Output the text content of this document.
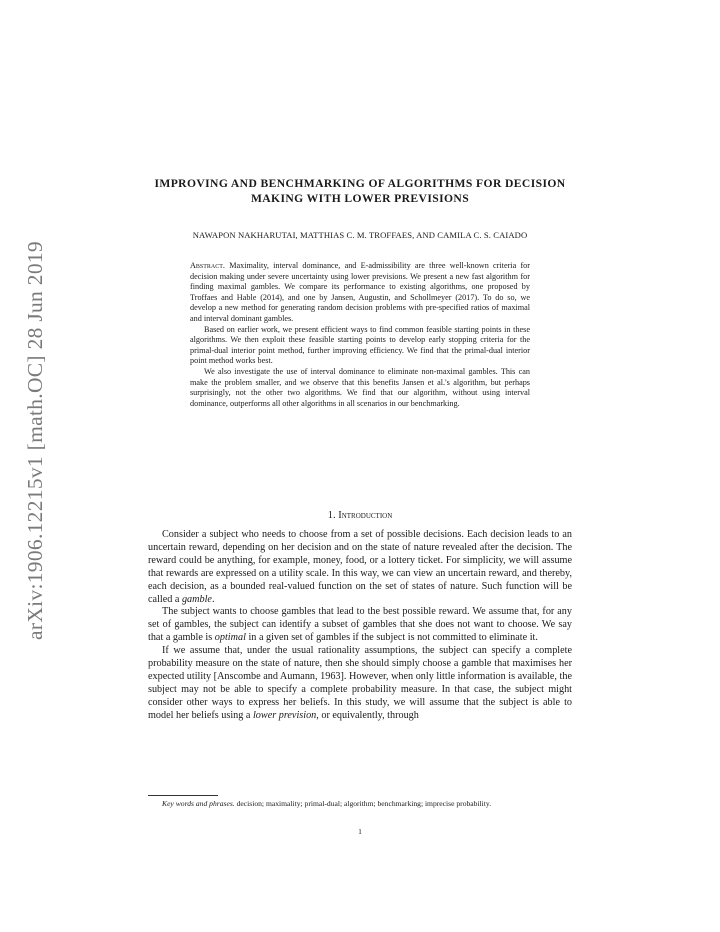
arXiv:1906.12215v1 [math.OC] 28 Jun 2019
IMPROVING AND BENCHMARKING OF ALGORITHMS FOR DECISION MAKING WITH LOWER PREVISIONS
NAWAPON NAKHARUTAI, MATTHIAS C. M. TROFFAES, AND CAMILA C. S. CAIADO

Abstract. Maximality, interval dominance, and E-admissibility are three well-known criteria for decision making under severe uncertainty using lower previsions. We present a new fast algorithm for finding maximal gambles. We compare its performance to existing algorithms, one proposed by Troffaes and Hable (2014), and one by Jansen, Augustin, and Schollmeyer (2017). To do so, we develop a new method for generating random decision problems with pre-specified ratios of maximal and interval dominant gambles.

Based on earlier work, we present efficient ways to find common feasible starting points in these algorithms. We then exploit these feasible starting points to develop early stopping criteria for the primal-dual interior point method, further improving efficiency. We find that the primal-dual interior point method works best.

We also investigate the use of interval dominance to eliminate non-maximal gambles. This can make the problem smaller, and we observe that this benefits Jansen et al.'s algorithm, but perhaps surprisingly, not the other two algorithms. We find that our algorithm, without using interval dominance, outperforms all other algorithms in all scenarios in our benchmarking.

1. Introduction

Consider a subject who needs to choose from a set of possible decisions. Each decision leads to an uncertain reward, depending on her decision and on the state of nature revealed after the decision. The reward could be anything, for example, money, food, or a lottery ticket. For simplicity, we will assume that rewards are expressed on a utility scale. In this way, we can view an uncertain reward, and thereby, each decision, as a bounded real-valued function on the set of states of nature. Such function will be called a gamble.

The subject wants to choose gambles that lead to the best possible reward. We assume that, for any set of gambles, the subject can identify a subset of gambles that she does not want to choose. We say that a gamble is optimal in a given set of gambles if the subject is not committed to eliminate it.

If we assume that, under the usual rationality assumptions, the subject can specify a complete probability measure on the state of nature, then she should simply choose a gamble that maximises her expected utility [Anscombe and Aumann, 1963]. However, when only little information is available, the subject may not be able to specify a complete probability measure. In that case, the subject might consider other ways to express her beliefs. In this study, we will assume that the subject is able to model her beliefs using a lower prevision, or equivalently, through

Key words and phrases. decision; maximality; primal-dual; algorithm; benchmarking; imprecise probability.

1
